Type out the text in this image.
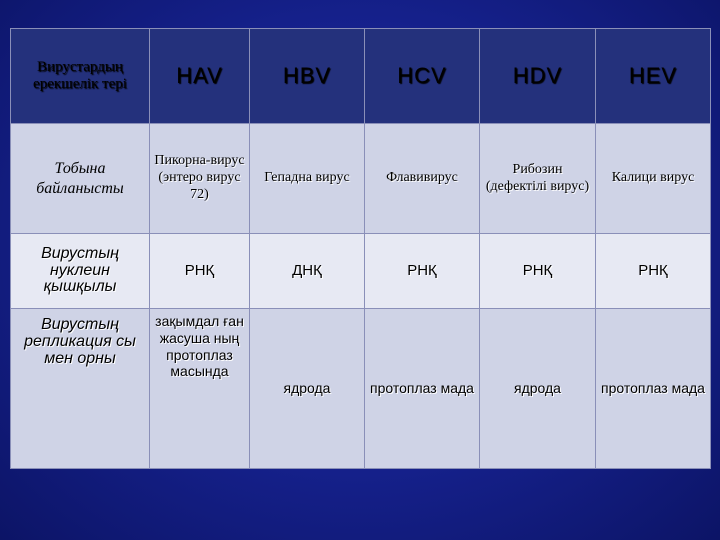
Вирустардың ерекшелік тері	HAV	HBV	HCV	HDV	HEV
Тобына байланысты	Пикорна-вирус (энтеро вирус 72)	Гепадна вирус	Флавивирус	Рибозин (дефектілі вирус)	Калици вирус
Вирустың нуклеин қышқылы	РНҚ	ДНҚ	РНҚ	РНҚ	РНҚ
Вирустың репликация сы мен орны	зақымдал ған жасуша ның протоплаз масында	ядрода	протоплаз мада	ядрода	протоплаз мада
